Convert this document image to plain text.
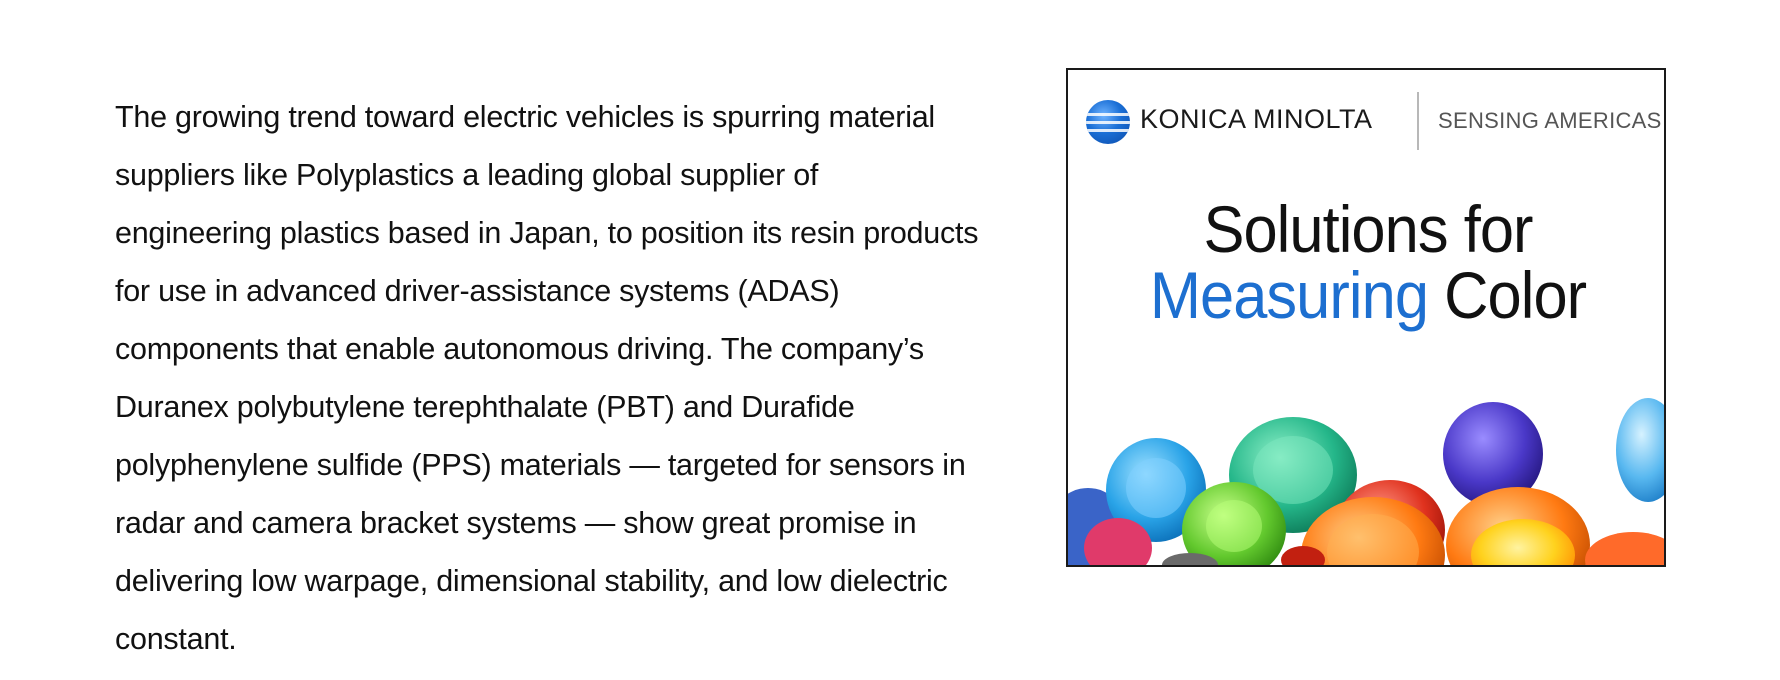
The growing trend toward electric vehicles is spurring material
suppliers like Polyplastics a leading global supplier of
engineering plastics based in Japan, to position its resin products
for use in advanced driver-assistance systems (ADAS)
components that enable autonomous driving. The company’s
Duranex polybutylene terephthalate (PBT) and Durafide
polyphenylene sulfide (PPS) materials — targeted for sensors in
radar and camera bracket systems — show great promise in
delivering low warpage, dimensional stability, and low dielectric
constant.

KONICA MINOLTA	SENSING AMERICAS
Solutions for
Measuring Color
